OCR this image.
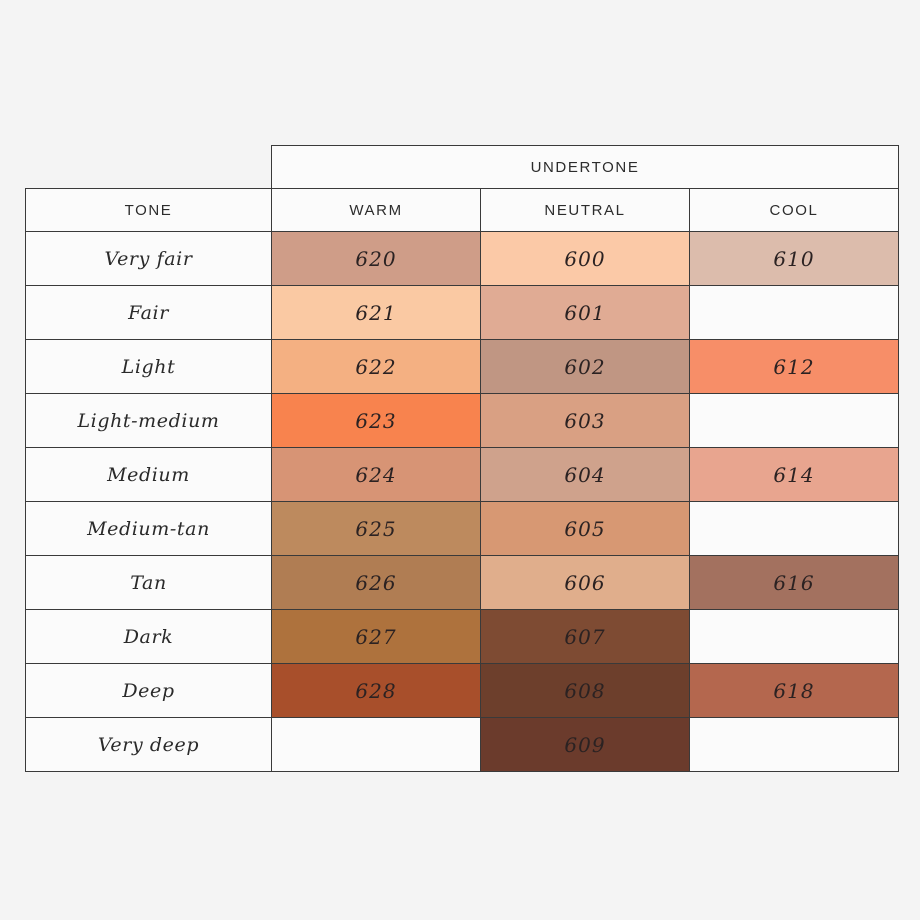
	UNDERTONE		
TONE	WARM	NEUTRAL	COOL
Very fair	620	600	610
Fair	621	601	
Light	622	602	612
Light-medium	623	603	
Medium	624	604	614
Medium-tan	625	605	
Tan	626	606	616
Dark	627	607	
Deep	628	608	618
Very deep		609	
